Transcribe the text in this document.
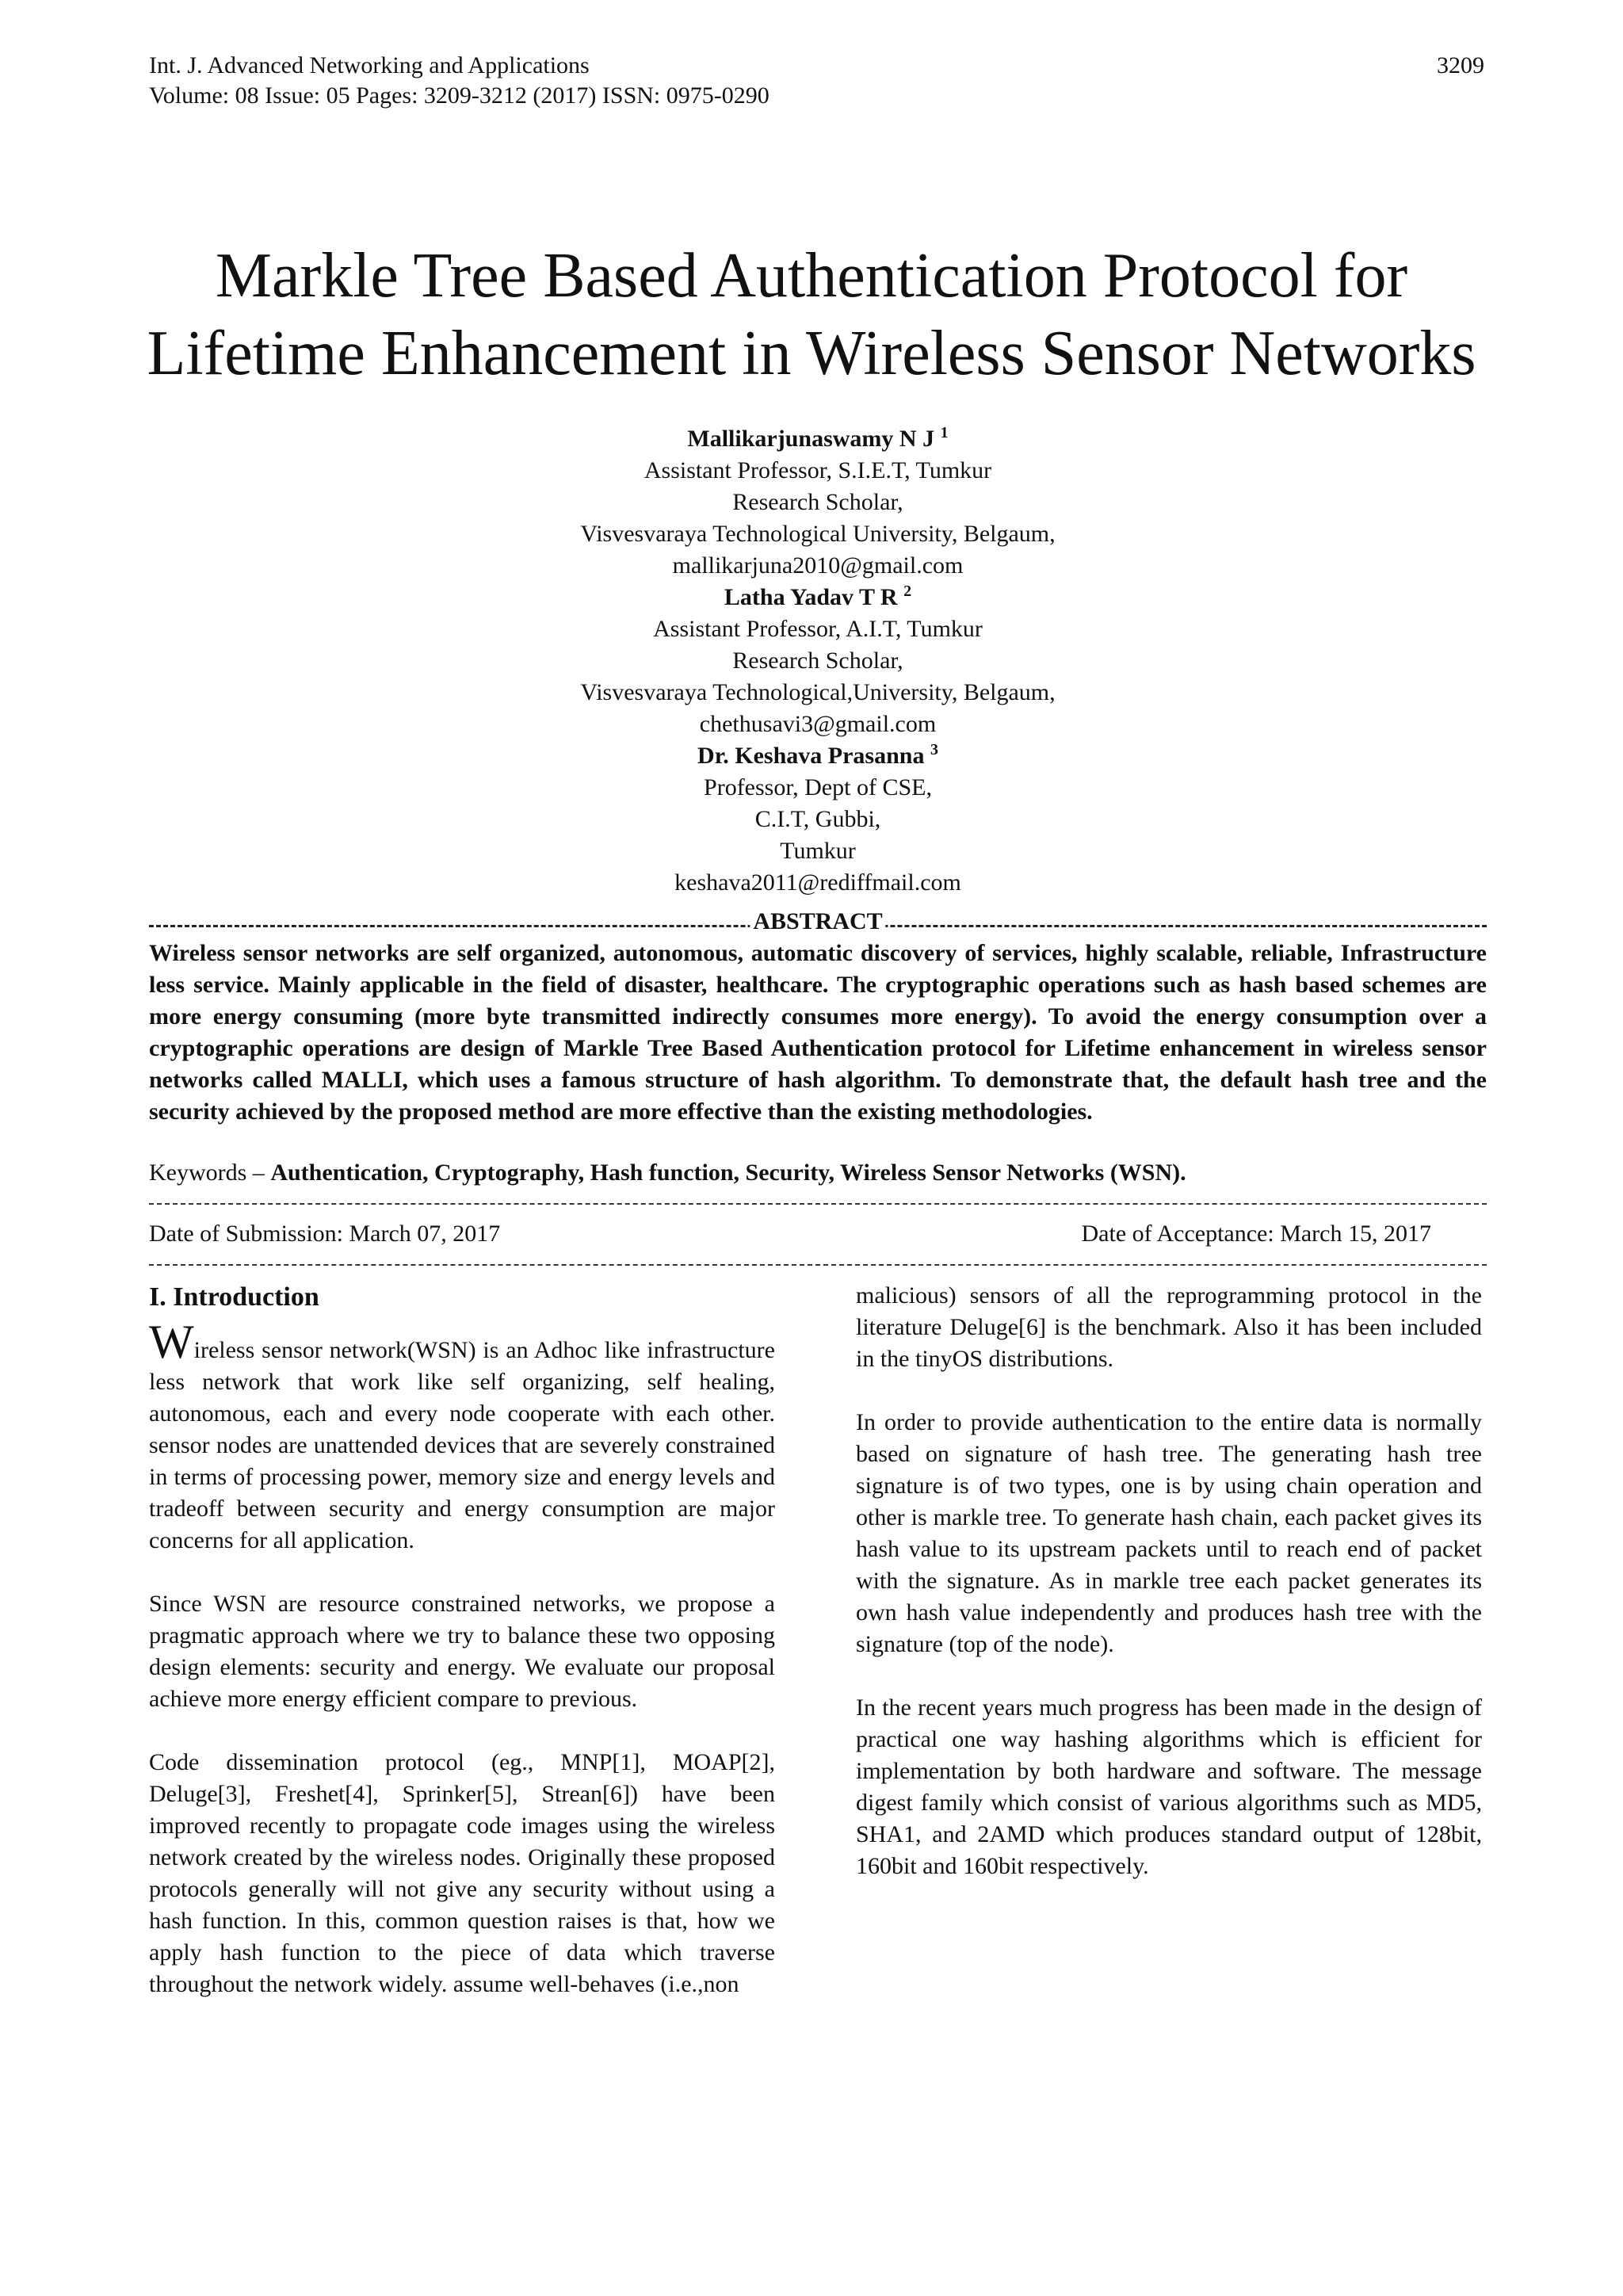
Int. J. Advanced Networking and Applications
Volume: 08 Issue: 05 Pages: 3209-3212 (2017) ISSN: 0975-0290
3209
Markle Tree Based Authentication Protocol for Lifetime Enhancement in Wireless Sensor Networks
Mallikarjunaswamy N J $^1$
Assistant Professor, S.I.E.T, Tumkur
Research Scholar,
Visvesvaraya Technological University, Belgaum,
mallikarjuna2010@gmail.com
Latha Yadav T R $^2$
Assistant Professor, A.I.T, Tumkur
Research Scholar,
Visvesvaraya Technological,University, Belgaum,
chethusavi3@gmail.com
Dr. Keshava Prasanna $^3$
Professor, Dept of CSE,
C.I.T, Gubbi,
Tumkur
keshava2011@rediffmail.com
ABSTRACT
Wireless sensor networks are self organized, autonomous, automatic discovery of services, highly scalable, reliable, Infrastructure less service. Mainly applicable in the field of disaster, healthcare. The cryptographic operations such as hash based schemes are more energy consuming (more byte transmitted indirectly consumes more energy). To avoid the energy consumption over a cryptographic operations are design of Markle Tree Based Authentication protocol for Lifetime enhancement in wireless sensor networks called MALLI, which uses a famous structure of hash algorithm. To demonstrate that, the default hash tree and the security achieved by the proposed method are more effective than the existing methodologies.
Keywords – Authentication, Cryptography, Hash function, Security, Wireless Sensor Networks (WSN).
Date of Submission: March 07, 2017	Date of Acceptance: March 15, 2017
I. Introduction

Wireless sensor network(WSN) is an Adhoc like infrastructure less network that work like self organizing, self healing, autonomous, each and every node cooperate with each other. sensor nodes are unattended devices that are severely constrained in terms of processing power, memory size and energy levels and tradeoff between security and energy consumption are major concerns for all application.

Since WSN are resource constrained networks, we propose a pragmatic approach where we try to balance these two opposing design elements: security and energy. We evaluate our proposal achieve more energy efficient compare to previous.

Code dissemination protocol (eg., MNP[1], MOAP[2], Deluge[3], Freshet[4], Sprinker[5], Strean[6]) have been improved recently to propagate code images using the wireless network created by the wireless nodes. Originally these proposed protocols generally will not give any security without using a hash function. In this, common question raises is that, how we apply hash function to the piece of data which traverse throughout the network widely. assume well-behaves (i.e.,non

malicious) sensors of all the reprogramming protocol in the literature Deluge[6] is the benchmark. Also it has been included in the tinyOS distributions.

In order to provide authentication to the entire data is normally based on signature of hash tree. The generating hash tree signature is of two types, one is by using chain operation and other is markle tree. To generate hash chain, each packet gives its hash value to its upstream packets until to reach end of packet with the signature. As in markle tree each packet generates its own hash value independently and produces hash tree with the signature (top of the node).

In the recent years much progress has been made in the design of practical one way hashing algorithms which is efficient for implementation by both hardware and software. The message digest family which consist of various algorithms such as MD5, SHA1, and 2AMD which produces standard output of 128bit, 160bit and 160bit respectively.
